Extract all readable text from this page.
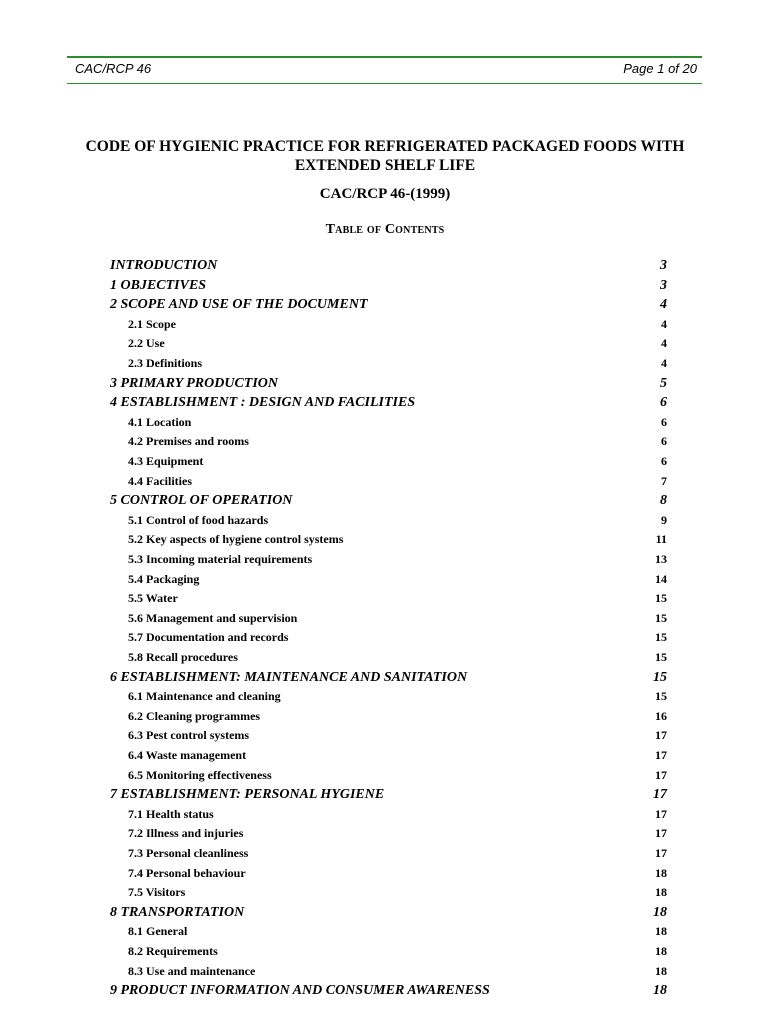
CAC/RCP 46	Page 1 of 20
CODE OF HYGIENIC PRACTICE FOR REFRIGERATED PACKAGED FOODS WITH EXTENDED SHELF LIFE
CAC/RCP 46-(1999)
Table of Contents
INTRODUCTION	3
1 OBJECTIVES	3
2 SCOPE AND USE OF THE DOCUMENT	4
2.1 Scope	4
2.2 Use	4
2.3 Definitions	4
3 PRIMARY PRODUCTION	5
4 ESTABLISHMENT : DESIGN AND FACILITIES	6
4.1 Location	6
4.2 Premises and rooms	6
4.3 Equipment	6
4.4 Facilities	7
5 CONTROL OF OPERATION	8
5.1 Control of food hazards	9
5.2 Key aspects of hygiene control systems	11
5.3 Incoming material requirements	13
5.4 Packaging	14
5.5 Water	15
5.6 Management and supervision	15
5.7 Documentation and records	15
5.8 Recall procedures	15
6 ESTABLISHMENT: MAINTENANCE AND SANITATION	15
6.1 Maintenance and cleaning	15
6.2 Cleaning programmes	16
6.3 Pest control systems	17
6.4 Waste management	17
6.5 Monitoring effectiveness	17
7 ESTABLISHMENT: PERSONAL HYGIENE	17
7.1 Health status	17
7.2 Illness and injuries	17
7.3 Personal cleanliness	17
7.4 Personal behaviour	18
7.5 Visitors	18
8 TRANSPORTATION	18
8.1 General	18
8.2 Requirements	18
8.3 Use and maintenance	18
9 PRODUCT INFORMATION AND CONSUMER AWARENESS	18
